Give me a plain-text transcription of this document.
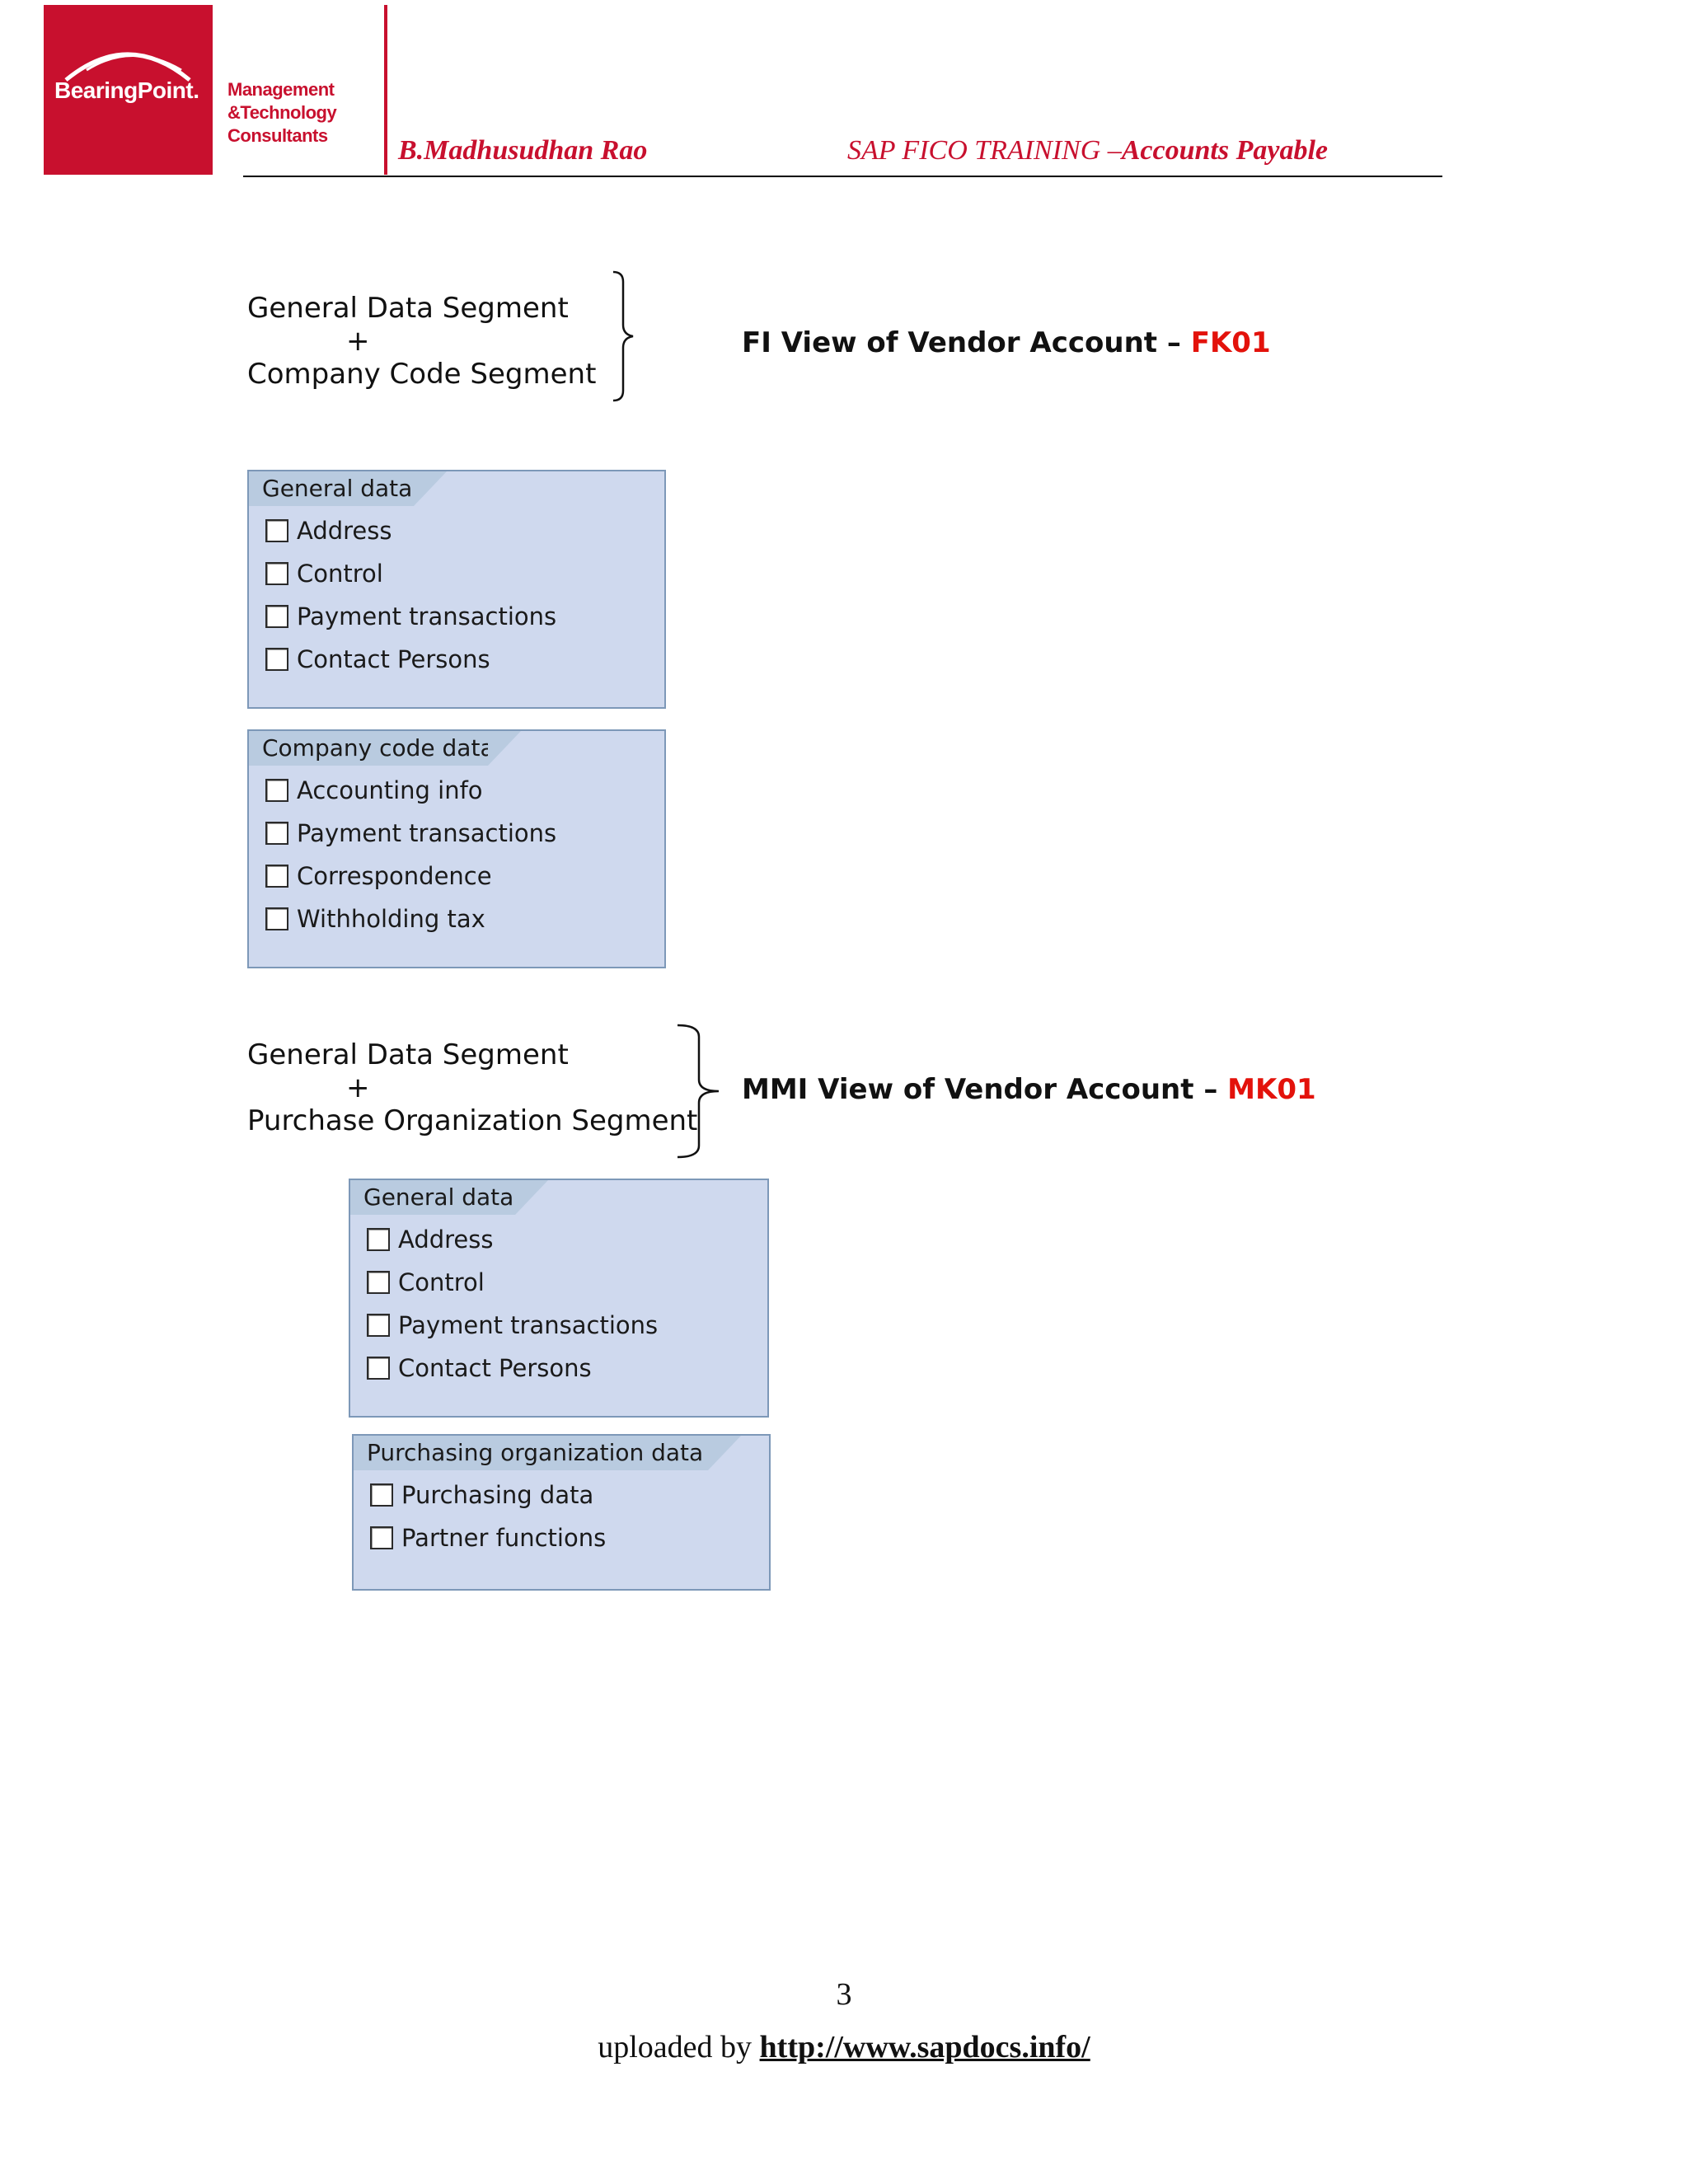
BearingPoint. Management
&Technology
Consultants	B.Madhusudhan Rao	SAP FICO TRAINING –Accounts Payable
General Data Segment
+
Company Code Segment
FI View of Vendor Account – FK01
General data
Address
Control
Payment transactions
Contact Persons
Company code data
Accounting info
Payment transactions
Correspondence
Withholding tax
General Data Segment
+
Purchase Organization Segment
MMI View of Vendor Account – MK01
General data
Address
Control
Payment transactions
Contact Persons
Purchasing organization data
Purchasing data
Partner functions
3
uploaded by http://www.sapdocs.info/
